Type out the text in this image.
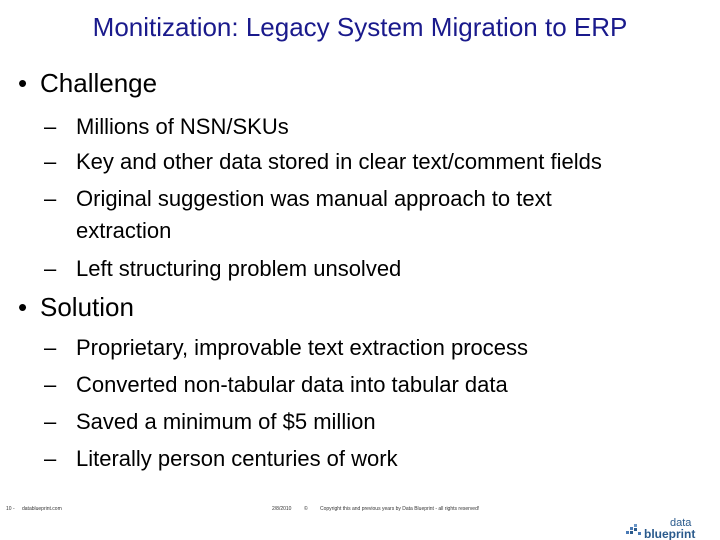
Monitization: Legacy System Migration to ERP
• Challenge
– Millions of NSN/SKUs
– Key and other data stored in clear text/comment fields
– Original suggestion was manual approach to text
extraction
– Left structuring problem unsolved
• Solution
– Proprietary, improvable text extraction process
– Converted non-tabular data into tabular data
– Saved a minimum of $5 million
– Literally person centuries of work
10 - datablueprint.com	2/8/2010	© Copyright this and previous years by Data Blueprint - all rights reserved!
data
blueprint
